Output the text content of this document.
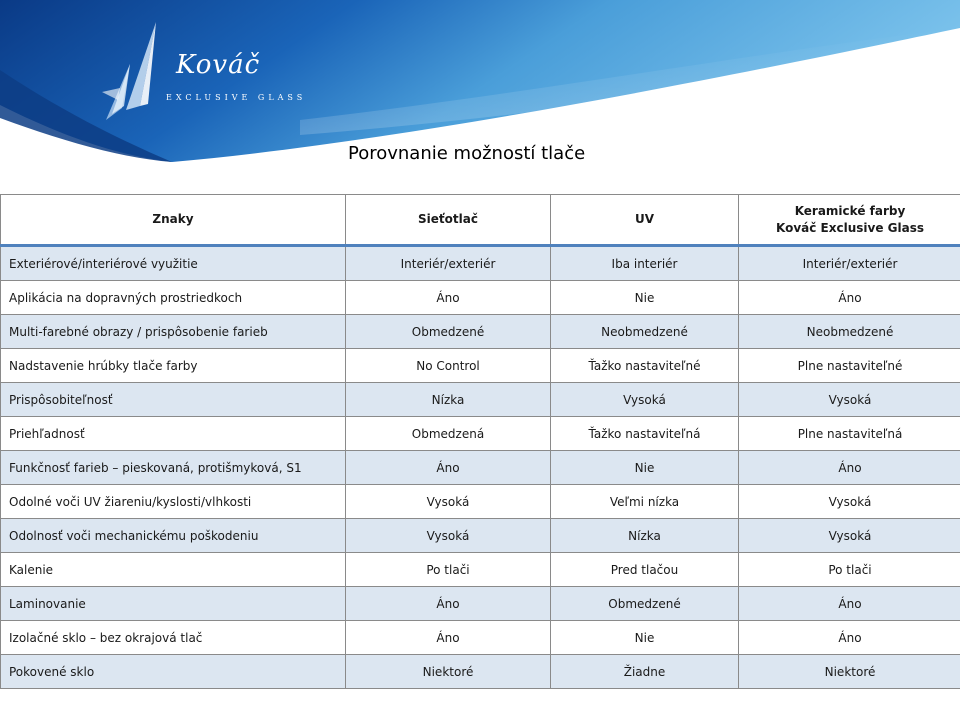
Kováč
EXCLUSIVE GLASS
Porovnanie možností tlače
Znaky	Sieťotlač	UV	Keramické farby
Kováč Exclusive Glass
Exteriérové/interiérové využitie	Interiér/exteriér	Iba interiér	Interiér/exteriér
Aplikácia na dopravných prostriedkoch	Áno	Nie	Áno
Multi-farebné obrazy / prispôsobenie farieb	Obmedzené	Neobmedzené	Neobmedzené
Nadstavenie hrúbky tlače farby	No Control	Ťažko nastaviteľné	Plne nastaviteľné
Prispôsobiteľnosť	Nízka	Vysoká	Vysoká
Priehľadnosť	Obmedzená	Ťažko nastaviteľná	Plne nastaviteľná
Funkčnosť farieb – pieskovaná, protišmyková, S1	Áno	Nie	Áno
Odolné voči UV žiareniu/kyslosti/vlhkosti	Vysoká	Veľmi nízka	Vysoká
Odolnosť voči mechanickému poškodeniu	Vysoká	Nízka	Vysoká
Kalenie	Po tlači	Pred tlačou	Po tlači
Laminovanie	Áno	Obmedzené	Áno
Izolačné sklo – bez okrajová tlač	Áno	Nie	Áno
Pokovené sklo	Niektoré	Žiadne	Niektoré
